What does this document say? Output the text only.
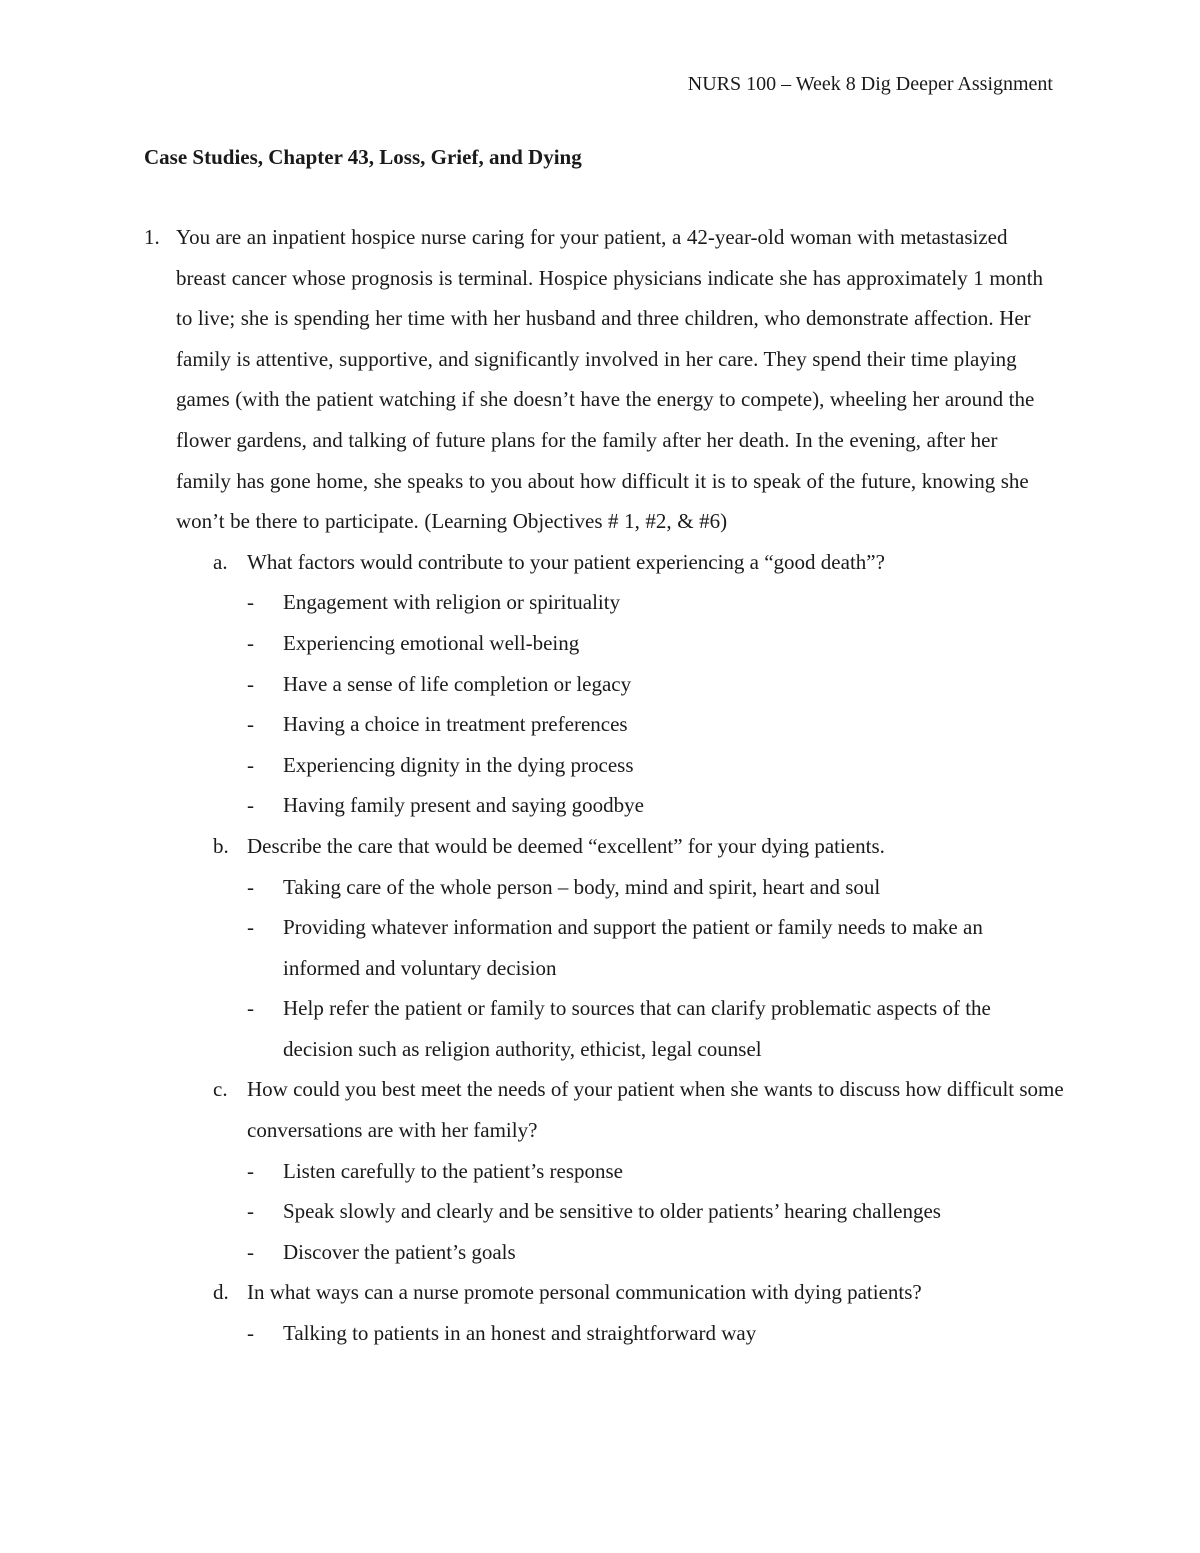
NURS 100 – Week 8 Dig Deeper Assignment
Case Studies, Chapter 43, Loss, Grief, and Dying
1. You are an inpatient hospice nurse caring for your patient, a 42-year-old woman with metastasized breast cancer whose prognosis is terminal. Hospice physicians indicate she has approximately 1 month to live; she is spending her time with her husband and three children, who demonstrate affection. Her family is attentive, supportive, and significantly involved in her care. They spend their time playing games (with the patient watching if she doesn’t have the energy to compete), wheeling her around the flower gardens, and talking of future plans for the family after her death. In the evening, after her family has gone home, she speaks to you about how difficult it is to speak of the future, knowing she won’t be there to participate. (Learning Objectives # 1, #2, & #6)
a. What factors would contribute to your patient experiencing a “good death”?
-	Engagement with religion or spirituality
-	Experiencing emotional well-being
-	Have a sense of life completion or legacy
-	Having a choice in treatment preferences
-	Experiencing dignity in the dying process
-	Having family present and saying goodbye
b. Describe the care that would be deemed “excellent” for your dying patients.
-	Taking care of the whole person – body, mind and spirit, heart and soul
-	Providing whatever information and support the patient or family needs to make an informed and voluntary decision
-	Help refer the patient or family to sources that can clarify problematic aspects of the decision such as religion authority, ethicist, legal counsel
c. How could you best meet the needs of your patient when she wants to discuss how difficult some conversations are with her family?
-	Listen carefully to the patient’s response
-	Speak slowly and clearly and be sensitive to older patients’ hearing challenges
-	Discover the patient’s goals
d. In what ways can a nurse promote personal communication with dying patients?
-	Talking to patients in an honest and straightforward way
